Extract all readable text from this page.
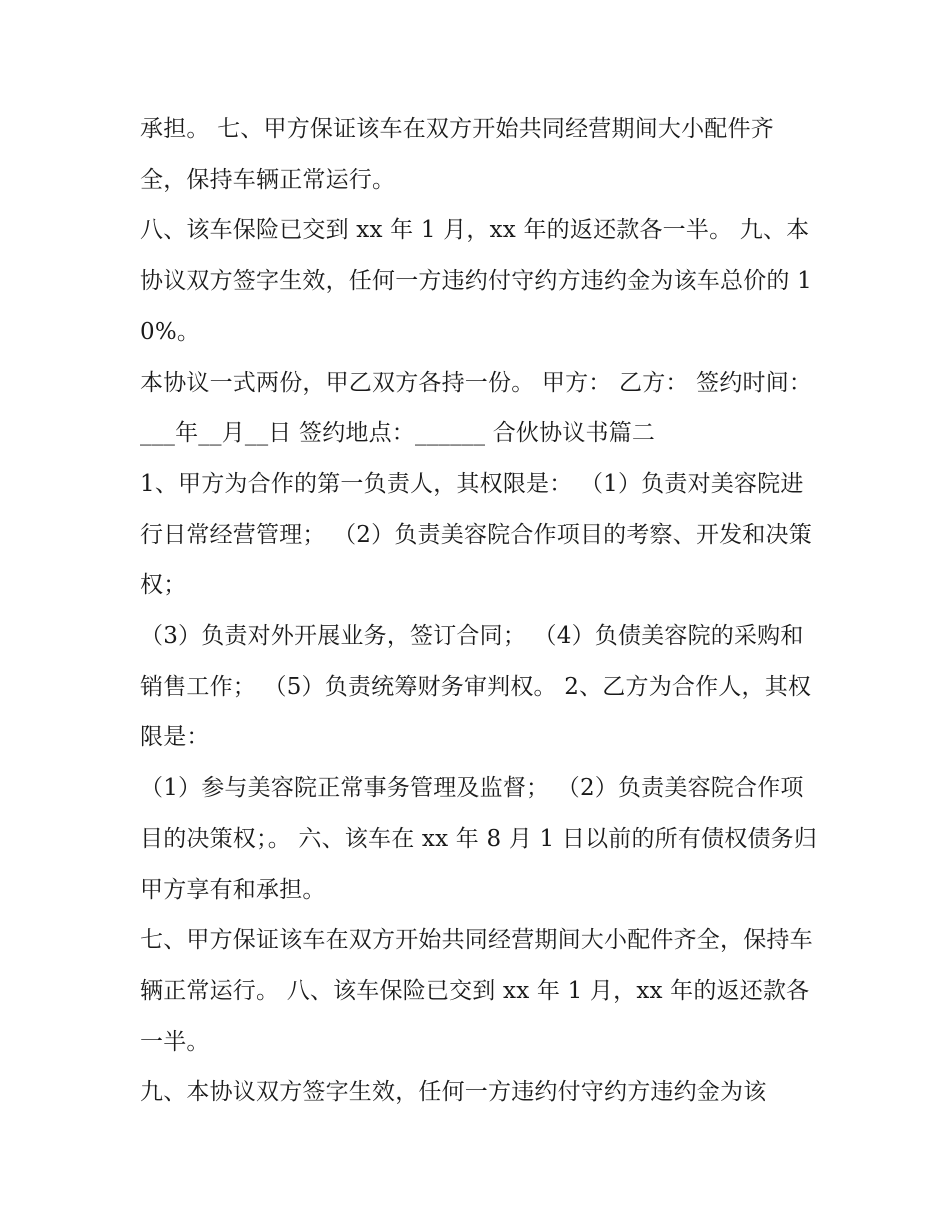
承担。 七、甲方保证该车在双方开始共同经营期间大小配件齐全，保持车辆正常运行。

八、该车保险已交到 xx 年 1 月，xx 年的返还款各一半。 九、本协议双方签字生效，任何一方违约付守约方违约金为该车总价的 10%。

本协议一式两份，甲乙双方各持一份。 甲方： 乙方： 签约时间：___年__月__日 签约地点：______ 合伙协议书篇二

1、甲方为合作的第一负责人，其权限是： （1）负责对美容院进行日常经营管理； （2）负责美容院合作项目的考察、开发和决策权；

（3）负责对外开展业务，签订合同； （4）负债美容院的采购和销售工作； （5）负责统筹财务审判权。 2、乙方为合作人，其权限是：

（1）参与美容院正常事务管理及监督； （2）负责美容院合作项目的决策权；。 六、该车在 xx 年 8 月 1 日以前的所有债权债务归甲方享有和承担。

七、甲方保证该车在双方开始共同经营期间大小配件齐全，保持车辆正常运行。 八、该车保险已交到 xx 年 1 月，xx 年的返还款各一半。

九、本协议双方签字生效，任何一方违约付守约方违约金为该
